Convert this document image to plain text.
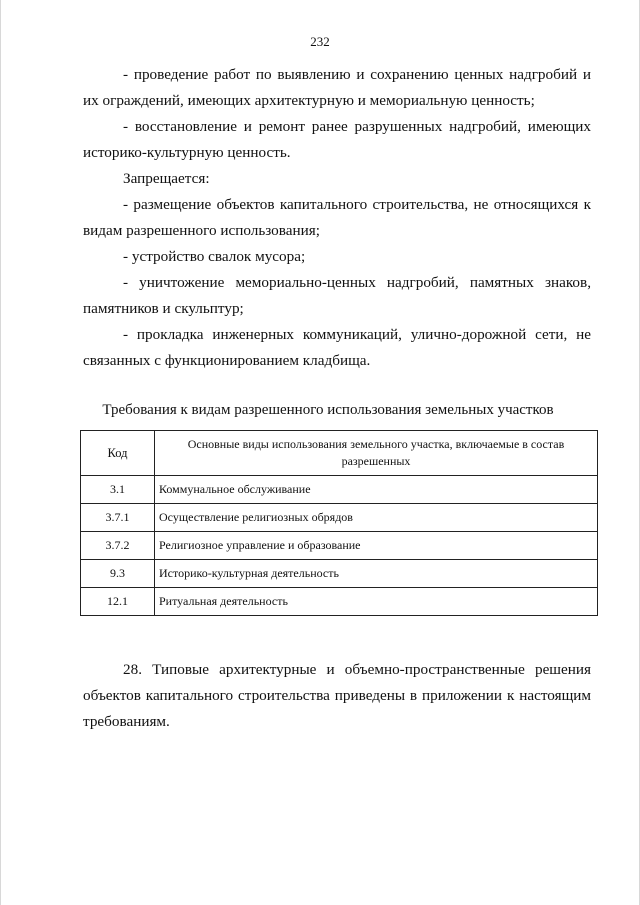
232

- проведение работ по выявлению и сохранению ценных надгробий и их ограждений, имеющих архитектурную и мемориальную ценность;

- восстановление и ремонт ранее разрушенных надгробий, имеющих историко-культурную ценность.

Запрещается:

- размещение объектов капитального строительства, не относящихся к видам разрешенного использования;

- устройство свалок мусора;

- уничтожение мемориально-ценных надгробий, памятных знаков, памятников и скульптур;

- прокладка инженерных коммуникаций, улично-дорожной сети, не связанных с функционированием кладбища.

Требования к видам разрешенного использования земельных участков
Код	Основные виды использования земельного участка, включаемые в состав разрешенных
3.1	Коммунальное обслуживание
3.7.1	Осуществление религиозных обрядов
3.7.2	Религиозное управление и образование
9.3	Историко-культурная деятельность
12.1	Ритуальная деятельность

28. Типовые архитектурные и объемно-пространственные решения объектов капитального строительства приведены в приложении к настоящим требованиям.
